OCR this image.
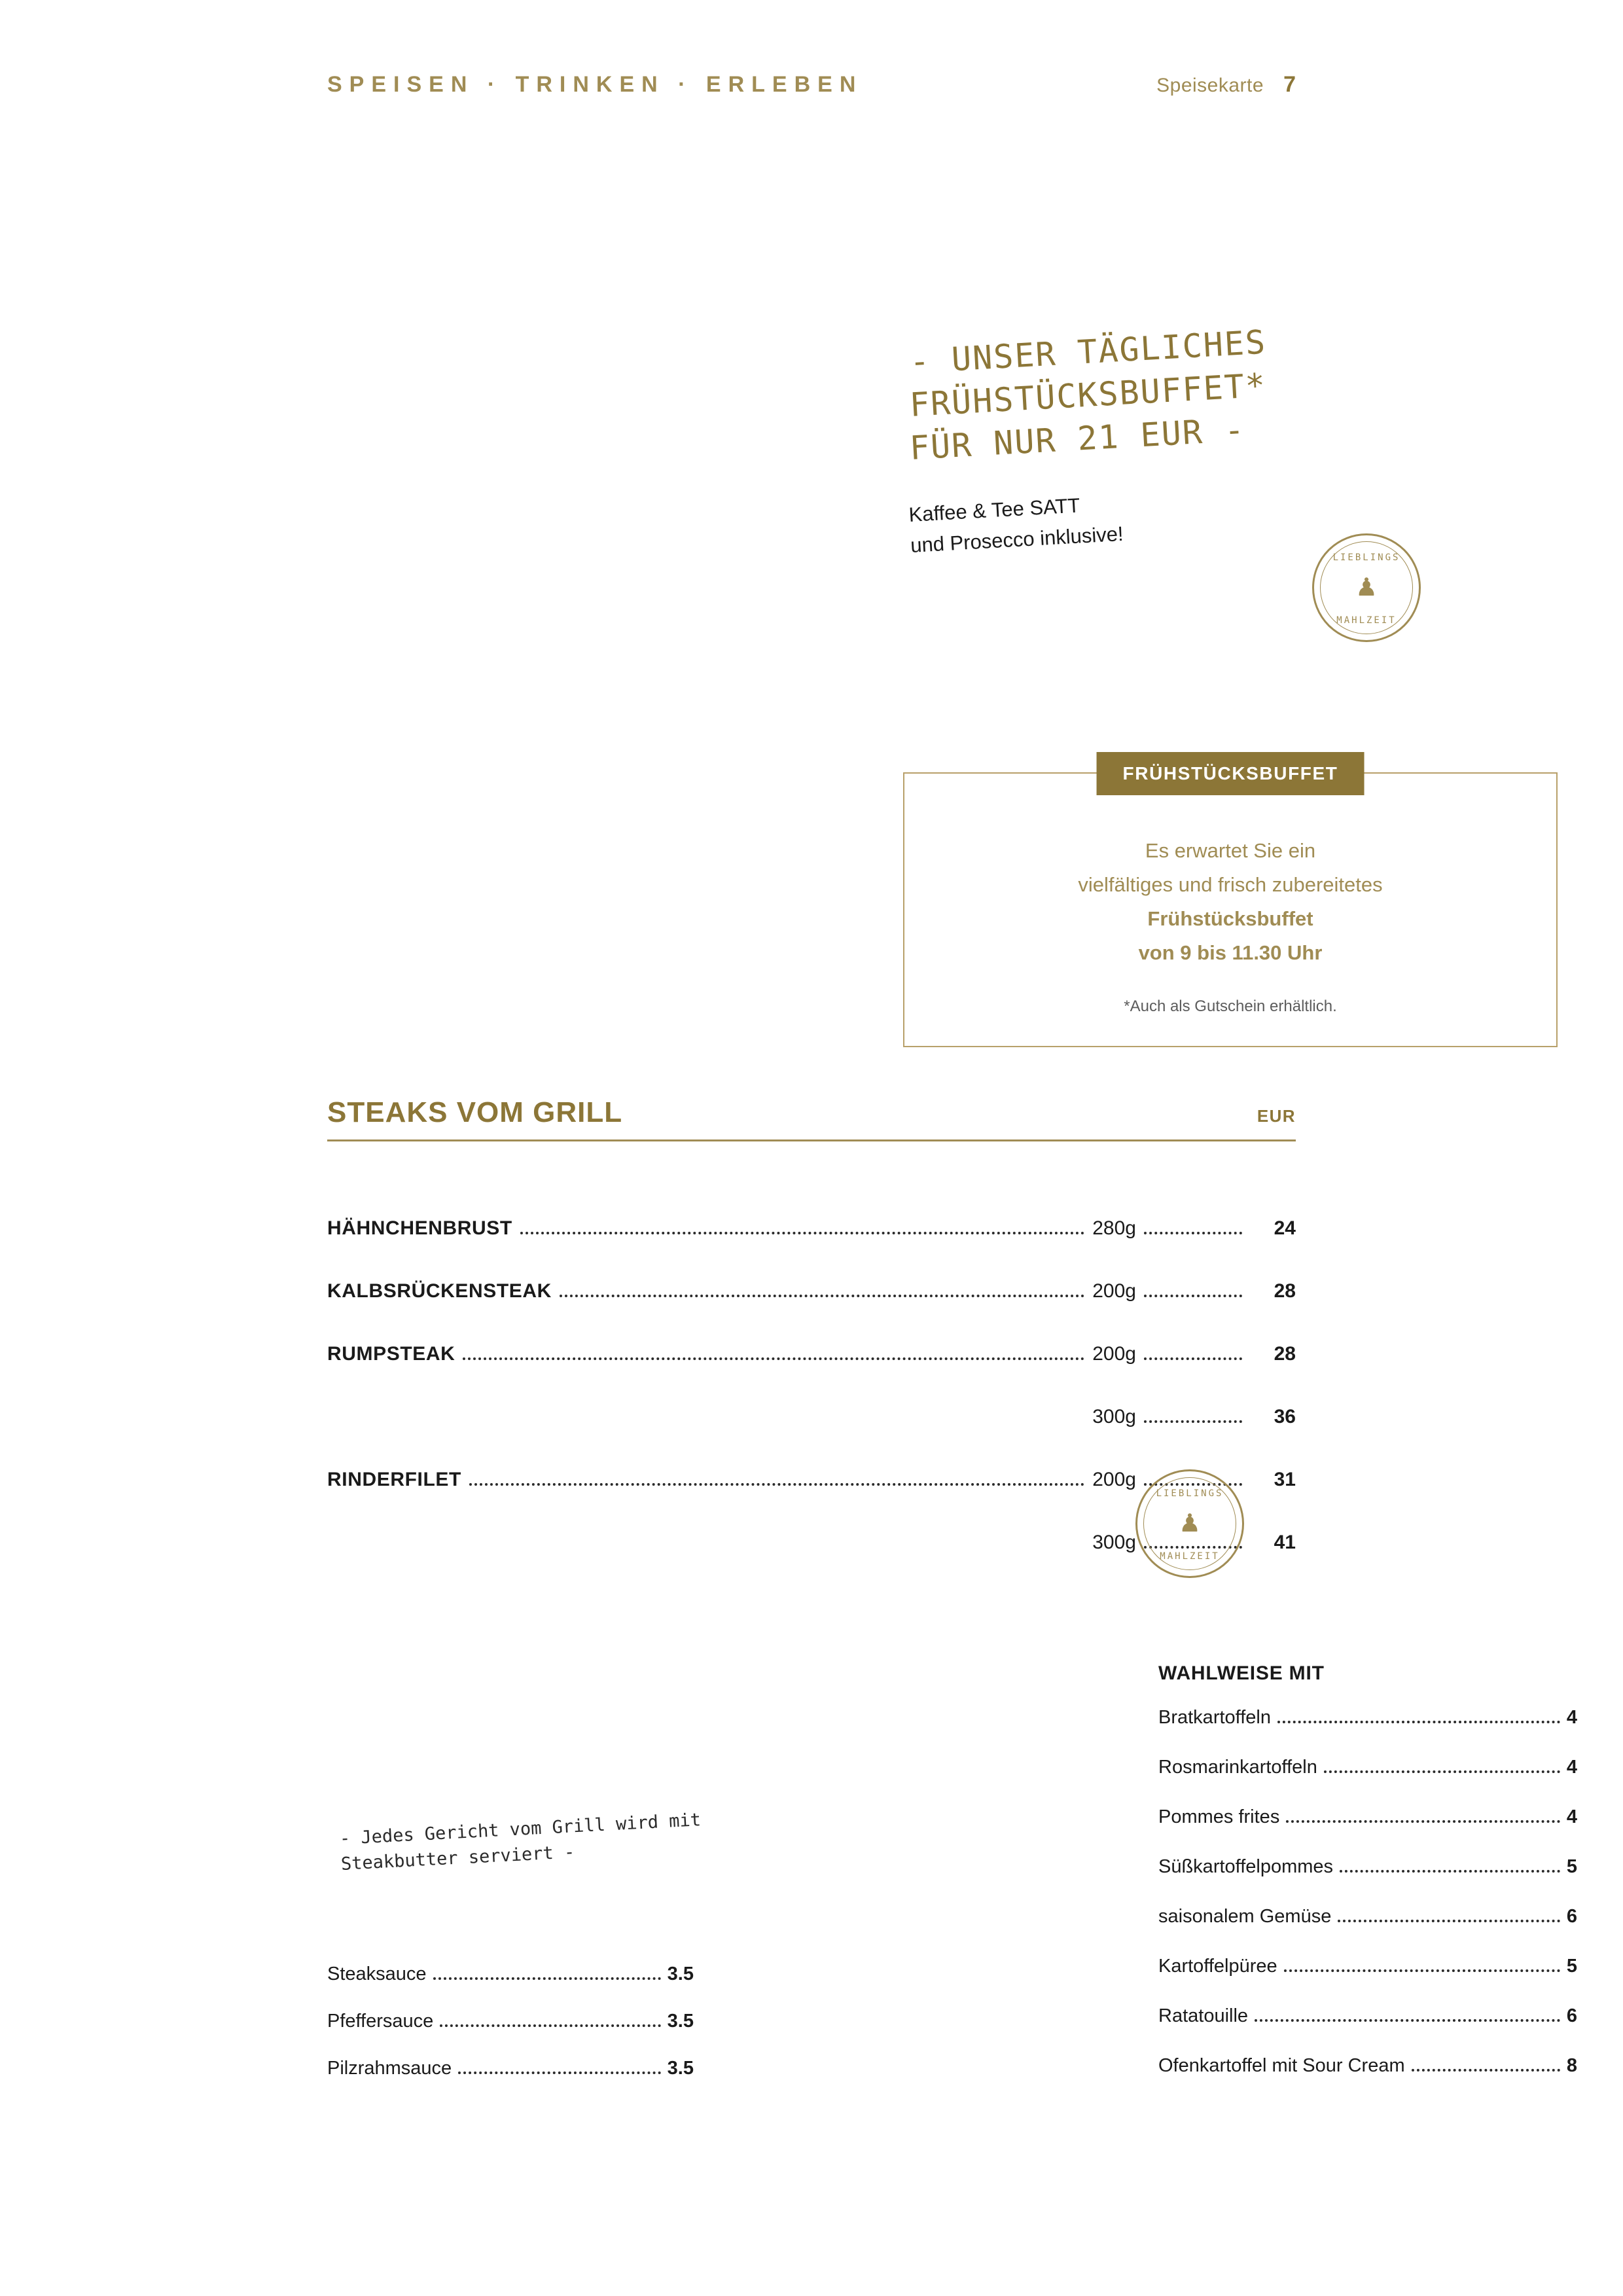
SPEISEN · TRINKEN · ERLEBEN	Speisekarte 7
- UNSER TÄGLICHES
FRÜHSTÜCKSBUFFET*
FÜR NUR 21 EUR -
Kaffee & Tee SATT
und Prosecco inklusive!
LIEBLINGS
♟
MAHLZEIT
FRÜHSTÜCKSBUFFET
Es erwartet Sie ein
vielfältiges und frisch zubereitetes
Frühstücksbuffet
von 9 bis 11.30 Uhr
*Auch als Gutschein erhältlich.
STEAKS VOM GRILL	EUR
HÄHNCHENBRUST	280g	24
KALBSRÜCKENSTEAK	200g	28
RUMPSTEAK	200g	28
300g	36
RINDERFILET	200g	31
300g	41
LIEBLINGS
♟
MAHLZEIT
- Jedes Gericht vom Grill wird mit
Steakbutter serviert -
Steaksauce	3.5
Pfeffersauce	3.5
Pilzrahmsauce	3.5
WAHLWEISE MIT
Bratkartoffeln	4
Rosmarinkartoffeln	4
Pommes frites	4
Süßkartoffelpommes	5
saisonalem Gemüse	6
Kartoffelpüree	5
Ratatouille	6
Ofenkartoffel mit Sour Cream	8
